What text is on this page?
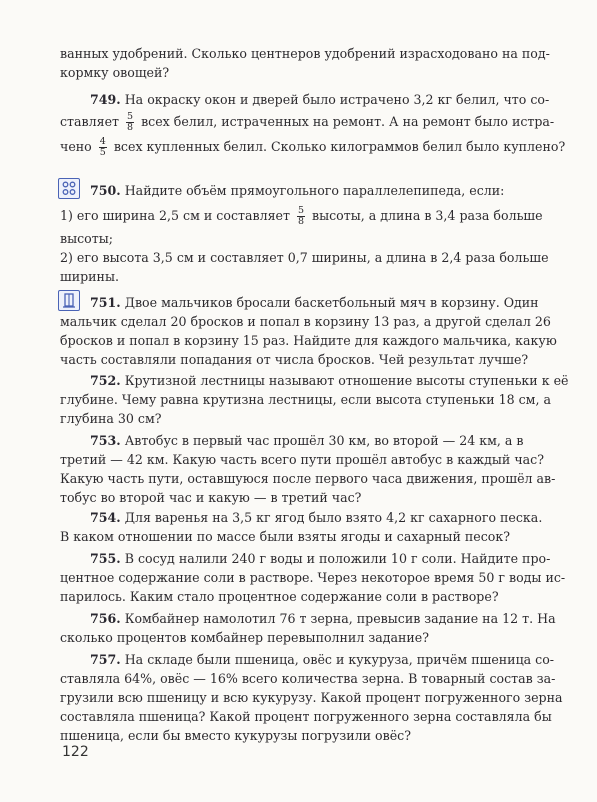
ванных удобрений. Сколько центнеров удобрений израсходовано на под-
кормку овощей?
749. На окраску окон и дверей было истрачено 3,2 кг белил, что со-
ставляет $\frac{5}{8}$ всех белил, истраченных на ремонт. А на ремонт было истра-
чено $\frac{4}{5}$ всех купленных белил. Сколько килограммов белил было куплено?
750. Найдите объём прямоугольного параллелепипеда, если:
1) его ширина 2,5 см и составляет $\frac{5}{8}$ высоты, а длина в 3,4 раза больше
высоты;
2) его высота 3,5 см и составляет 0,7 ширины, а длина в 2,4 раза больше
ширины.
751. Двое мальчиков бросали баскетбольный мяч в корзину. Один
мальчик сделал 20 бросков и попал в корзину 13 раз, а другой сделал 26
бросков и попал в корзину 15 раз. Найдите для каждого мальчика, какую
часть составляли попадания от числа бросков. Чей результат лучше?
752. Крутизной лестницы называют отношение высоты ступеньки к её
глубине. Чему равна крутизна лестницы, если высота ступеньки 18 см, а
глубина 30 см?
753. Автобус в первый час прошёл 30 км, во второй — 24 км, а в
третий — 42 км. Какую часть всего пути прошёл автобус в каждый час?
Какую часть пути, оставшуюся после первого часа движения, прошёл ав-
тобус во второй час и какую — в третий час?
754. Для варенья на 3,5 кг ягод было взято 4,2 кг сахарного песка.
В каком отношении по массе были взяты ягоды и сахарный песок?
755. В сосуд налили 240 г воды и положили 10 г соли. Найдите про-
центное содержание соли в растворе. Через некоторое время 50 г воды ис-
парилось. Каким стало процентное содержание соли в растворе?
756. Комбайнер намолотил 76 т зерна, превысив задание на 12 т. На
сколько процентов комбайнер перевыполнил задание?
757. На складе были пшеница, овёс и кукуруза, причём пшеница со-
ставляла 64%, овёс — 16% всего количества зерна. В товарный состав за-
грузили всю пшеницу и всю кукурузу. Какой процент погруженного зерна
составляла пшеница? Какой процент погруженного зерна составляла бы
пшеница, если бы вместо кукурузы погрузили овёс?
122
